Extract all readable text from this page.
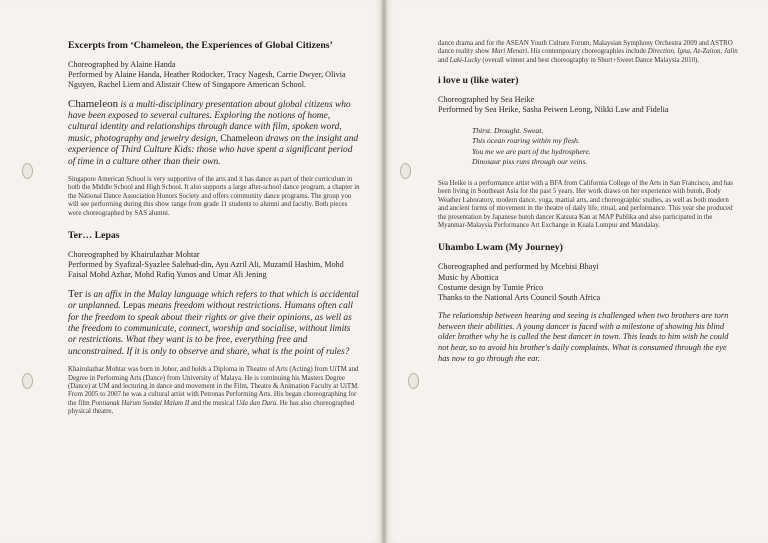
Excerpts from ‘Chameleon, the Experiences of Global Citizens’
Choreographed by Alaine Handa
Performed by Alaine Handa, Heather Rodocker, Tracy Nagesh, Carrie Dwyer, Olivia Nguyen, Rachel Liem and Alistair Chew of Singapore American School.

Chameleon is a multi-disciplinary presentation about global citizens who have been exposed to several cultures. Exploring the notions of home, cultural identity and relationships through dance with film, spoken word, music, photography and jewelry design, Chameleon draws on the insight and experience of Third Culture Kids: those who have spent a significant period of time in a culture other than their own.

Singapore American School is very supportive of the arts and it has dance as part of their curriculum in both the Middle School and High School. It also supports a large after-school dance program, a chapter in the National Dance Association Honors Society and offers community dance programs. The group you will see performing during this show range from grade 11 students to alumni and faculty. Both pieces were choreographed by SAS alumni.

Ter… Lepas
Choreographed by Khairulazhar Mohtar
Performed by Syafizal-Syazlee Salehud-din, Ayu Azril Ali, Muzamil Hashim, Mohd Faisal Mohd Azhar, Mohd Rafiq Yunos and Umar Ali Jening

Ter is an affix in the Malay language which refers to that which is accidental or unplanned. Lepas means freedom without restrictions. Humans often call for the freedom to speak about their rights or give their opinions, as well as the freedom to communicate, connect, worship and socialise, without limits or restrictions. What they want is to be free, everything free and unconstrained. If it is only to observe and share, what is the point of rules?

Khairulazhar Mohtar was born in Johor, and holds a Diploma in Theatre of Arts (Acting) from UiTM and Degree in Performing Arts (Dance) from University of Malaya. He is continuing his Masters Degree (Dance) at UM and lecturing in dance and movement in the Film, Theatre & Animation Faculty at UiTM. From 2005 to 2007 he was a cultural artist with Petronas Performing Arts. His began choreographing for the film Pontianak Harum Sundal Malam II and the musical Uda dan Dara. He has also choreographed physical theatre,

dance drama and for the ASEAN Youth Culture Forum, Malaysian Symphony Orchestra 2009 and ASTRO dance reality show Mari Menari. His contemporary choreographies include Direction, Igna, Az-Zaiton, Jalin and Laki-Lucky (overall winner and best choreography in Short+Sweet Dance Malaysia 2010).

i love u (like water)
Choreographed by Sea Heike
Performed by Sea Heike, Sasha Peiwen Leong, Nikki Law and Fidelia
Thirst. Drought. Sweat.
This ocean roaring within my flesh.
You me we are part of the hydrosphere.
Dinosaur piss runs through our veins.

Sea Heike is a performance artist with a BFA from California College of the Arts in San Francisco, and has been living in Southeast Asia for the past 5 years. Her work draws on her experience with butoh, Body Weather Laboratory, modern dance, yoga, martial arts, and choreographic studies, as well as both modern and ancient forms of movement in the theatre of daily life, ritual, and performance. This year she produced the presentation by Japanese butoh dancer Katsura Kan at MAP Publika and also participated in the Myanmar-Malaysia Performance Art Exchange in Kuala Lumpur and Mandalay.

Uhambo Lwam (My Journey)
Choreographed and performed by Mcebisi Bhayi
Music by Abottica
Costume design by Tumie Prico
Thanks to the National Arts Council South Africa

The relationship between hearing and seeing is challenged when two brothers are torn between their abilities. A young dancer is faced with a milestone of showing his blind older brother why he is called the best dancer in town. This leads to him wish he could not hear, so to avoid his brother's daily complaints. What is consumed through the eye has now to go through the ear.
